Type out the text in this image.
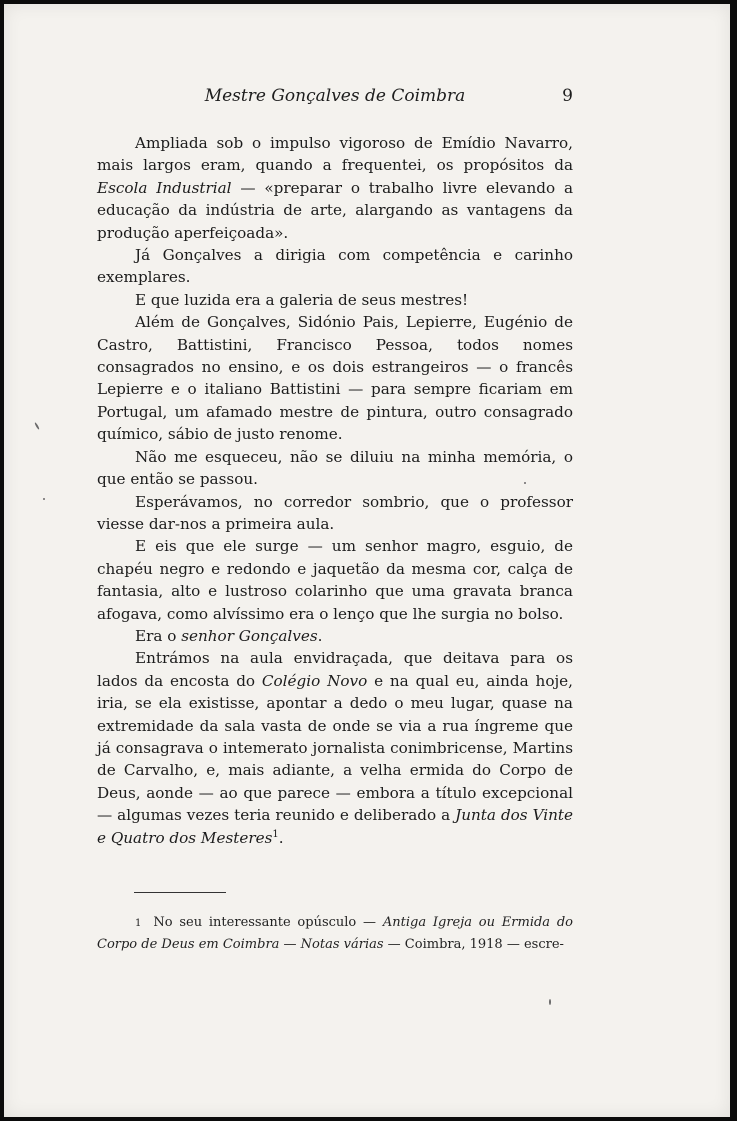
Mestre Gonçalves de Coimbra	9

Ampliada sob o impulso vigoroso de Emídio Navarro, mais largos eram, quando a frequentei, os propósitos da Escola Industrial — «preparar o trabalho livre elevando a educação da indústria de arte, alargando as vantagens da produção aperfeiçoada».

Já Gonçalves a dirigia com competência e carinho exemplares.

E que luzida era a galeria de seus mestres!

Além de Gonçalves, Sidónio Pais, Lepierre, Eugénio de Castro, Battistini, Francisco Pessoa, todos nomes consagrados no ensino, e os dois estrangeiros — o francês Lepierre e o italiano Battistini — para sempre ficariam em Portugal, um afamado mestre de pintura, outro consagrado químico, sábio de justo renome.

Não me esqueceu, não se diluiu na minha memória, o que então se passou.

Esperávamos, no corredor sombrio, que o professor viesse dar-nos a primeira aula.

E eis que ele surge — um senhor magro, esguio, de chapéu negro e redondo e jaquetão da mesma cor, calça de fantasia, alto e lustroso colarinho que uma gravata branca afogava, como alvíssimo era o lenço que lhe surgia no bolso.

Era o senhor Gonçalves.

Entrámos na aula envidraçada, que deitava para os lados da encosta do Colégio Novo e na qual eu, ainda hoje, iria, se ela existisse, apontar a dedo o meu lugar, quase na extremidade da sala vasta de onde se via a rua íngreme que já consagrava o intemerato jornalista conimbricense, Martins de Carvalho, e, mais adiante, a velha ermida do Corpo de Deus, aonde — ao que parece — embora a título excepcional — algumas vezes teria reunido e deliberado a Junta dos Vinte e Quatro dos Mesteres$^1$.

1 No seu interessante opúsculo — Antiga Igreja ou Ermida do Corpo de Deus em Coimbra — Notas várias — Coimbra, 1918 — escre-
